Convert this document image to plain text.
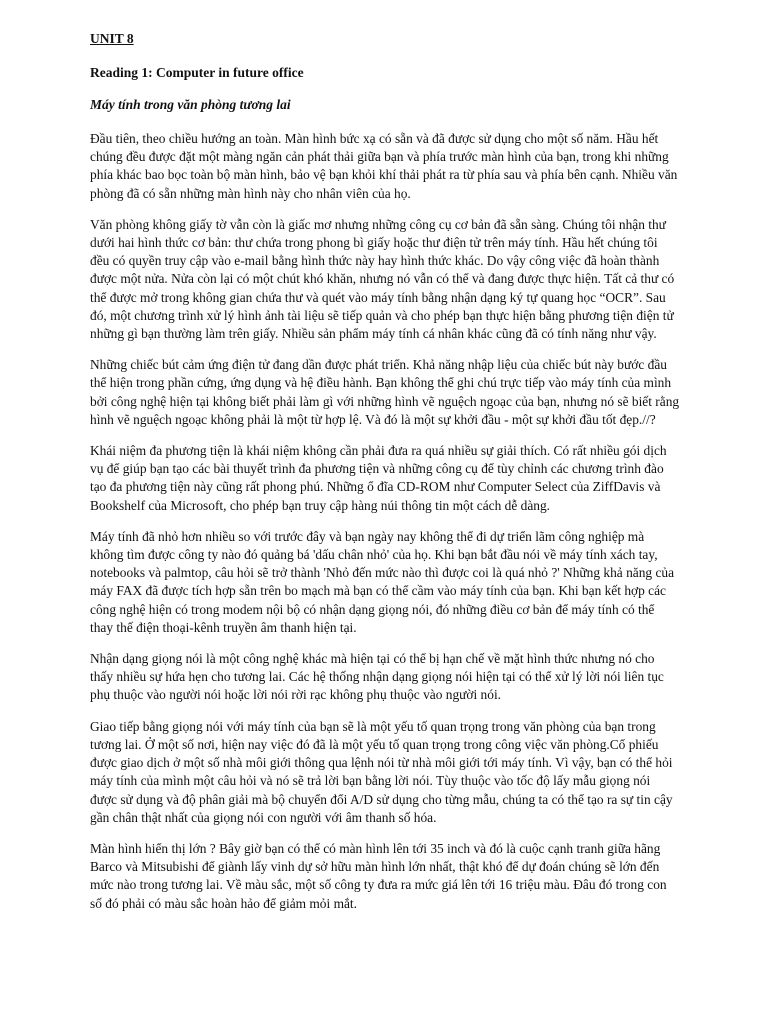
UNIT 8
Reading 1: Computer in future office
Máy tính trong văn phòng tương lai

Đầu tiên, theo chiều hướng an toàn. Màn hình bức xạ có sẵn và đã được sử dụng cho một số năm. Hầu hết chúng đều được đặt một màng ngăn cản phát thải giữa bạn và phía trước màn hình của bạn, trong khi những phía khác bao bọc toàn bộ màn hình, bảo vệ bạn khỏi khí thải phát ra từ phía sau và phía bên cạnh. Nhiều văn phòng đã có sẵn những màn hình này cho nhân viên của họ.

Văn phòng không giấy tờ vẫn còn là giấc mơ nhưng những công cụ cơ bản đã sẵn sàng. Chúng tôi nhận thư dưới hai hình thức cơ bản: thư chứa trong phong bì giấy hoặc thư điện tử trên máy tính. Hầu hết chúng tôi đều có quyền truy cập vào e-mail bằng hình thức này hay hình thức khác. Do vậy công việc đã hoàn thành được một nửa. Nửa còn lại có một chút khó khăn, nhưng nó vẫn có thể và đang được thực hiện. Tất cả thư có thể được mở trong không gian chứa thư và quét vào máy tính bằng nhận dạng ký tự quang học “OCR”. Sau đó, một chương trình xử lý hình ảnh tài liệu sẽ tiếp quản và cho phép bạn thực hiện bằng phương tiện điện tử những gì bạn thường làm trên giấy. Nhiều sản phẩm máy tính cá nhân khác cũng đã có tính năng như vậy.

Những chiếc bút cảm ứng điện tử đang dần được phát triển. Khả năng nhập liệu của chiếc bút này bước đầu thể hiện trong phần cứng, ứng dụng và hệ điều hành. Bạn không thể ghi chú trực tiếp vào máy tính của mình bởi công nghệ hiện tại không biết phải làm gì với những hình vẽ nguệch ngoạc của bạn, nhưng nó sẽ biết rằng hình vẽ nguệch ngoạc không phải là một từ hợp lệ. Và đó là một sự khởi đầu - một sự khởi đầu tốt đẹp.//?

Khái niệm đa phương tiện là khái niệm không cần phải đưa ra quá nhiều sự giải thích. Có rất nhiều gói dịch vụ để giúp bạn tạo các bài thuyết trình đa phương tiện và những công cụ để tùy chỉnh các chương trình đào tạo đa phương tiện này cũng rất phong phú. Những ổ đĩa CD-ROM như Computer Select của ZiffDavis và Bookshelf của Microsoft, cho phép bạn truy cập hàng núi thông tin một cách dễ dàng.

Máy tính đã nhỏ hơn nhiều so với trước đây và bạn ngày nay không thể đi dự triển lãm công nghiệp mà không tìm được công ty nào đó quảng bá 'dấu chân nhỏ' của họ. Khi bạn bắt đầu nói về máy tính xách tay, notebooks và palmtop, câu hỏi sẽ trở thành 'Nhỏ đến mức nào thì được coi là quá nhỏ ?' Những khả năng của máy FAX đã được tích hợp sẵn trên bo mạch mà bạn có thể cầm vào máy tính của bạn. Khi bạn kết hợp các công nghệ hiện có trong modem nội bộ có nhận dạng giọng nói, đó những điều cơ bản để máy tính có thể thay thế điện thoại-kênh truyền âm thanh hiện tại.

Nhận dạng giọng nói là một công nghệ khác mà hiện tại có thể bị hạn chế về mặt hình thức nhưng nó cho thấy nhiều sự hứa hẹn cho tương lai. Các hệ thống nhận dạng giọng nói hiện tại có thể xử lý lời nói liên tục phụ thuộc vào người nói hoặc lời nói rời rạc không phụ thuộc vào người nói.

Giao tiếp bằng giọng nói với máy tính của bạn sẽ là một yếu tố quan trọng trong văn phòng của bạn trong tương lai. Ở một số nơi, hiện nay việc đó đã là một yếu tố quan trọng trong công việc văn phòng.Cổ phiếu được giao dịch ở một số nhà môi giới thông qua lệnh nói từ nhà môi giới tới máy tính. Vì vậy, bạn có thể hỏi máy tính của mình một câu hỏi và nó sẽ trả lời bạn bằng lời nói. Tùy thuộc vào tốc độ lấy mẫu giọng nói được sử dụng và độ phân giải mà bộ chuyển đổi A/D sử dụng cho từng mẫu, chúng ta có thể tạo ra sự tin cậy gần chân thật nhất của giọng nói con người với âm thanh số hóa.

Màn hình hiển thị lớn ? Bây giờ bạn có thể có màn hình lên tới 35 inch và đó là cuộc cạnh tranh giữa hãng Barco và Mitsubishi để giành lấy vinh dự sở hữu màn hình lớn nhất, thật khó để dự đoán chúng sẽ lớn đến mức nào trong tương lai. Về màu sắc, một số công ty đưa ra mức giá lên tới 16 triệu màu. Đâu đó trong con số đó phải có màu sắc hoàn hảo để giảm mỏi mắt.
